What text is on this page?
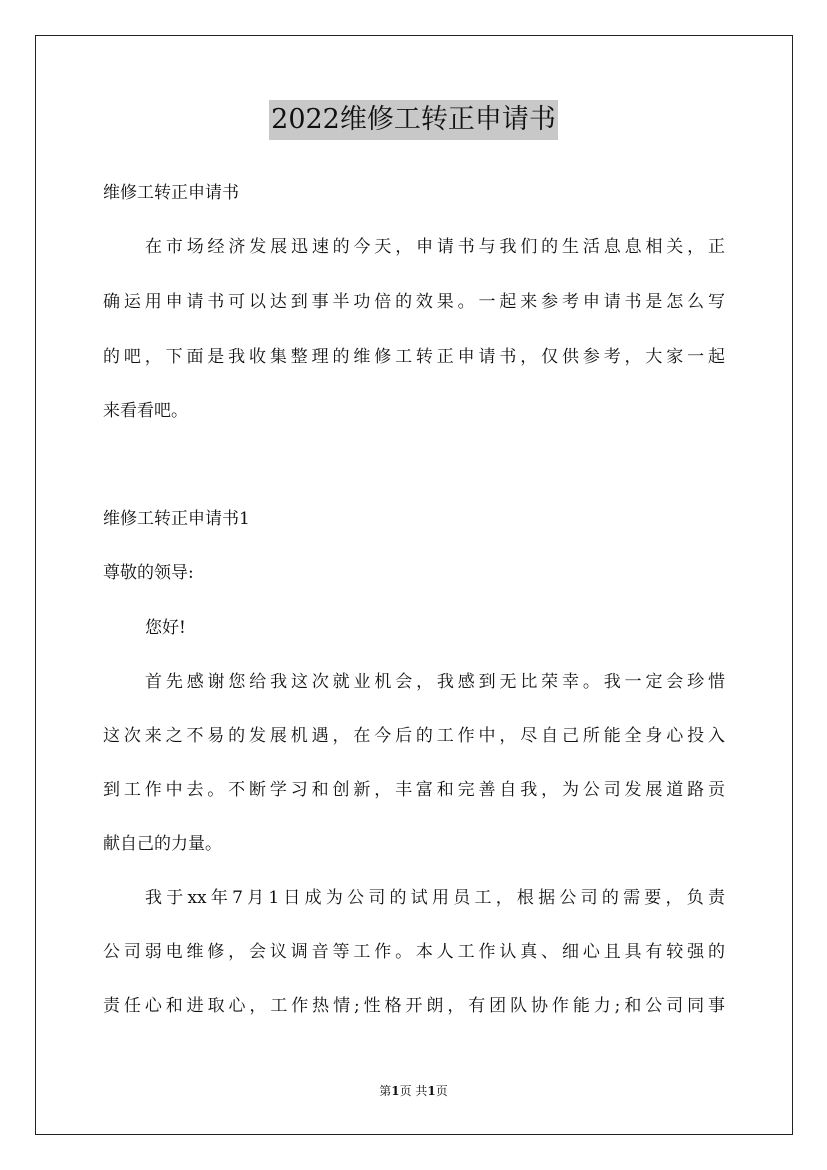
2022维修工转正申请书
维修工转正申请书
在市场经济发展迅速的今天，申请书与我们的生活息息相关，正
确运用申请书可以达到事半功倍的效果。一起来参考申请书是怎么写
的吧，下面是我收集整理的维修工转正申请书，仅供参考，大家一起
来看看吧。
维修工转正申请书1
尊敬的领导:
您好!
首先感谢您给我这次就业机会，我感到无比荣幸。我一定会珍惜
这次来之不易的发展机遇，在今后的工作中，尽自己所能全身心投入
到工作中去。不断学习和创新，丰富和完善自我，为公司发展道路贡
献自己的力量。
我于xx年7月1日成为公司的试用员工，根据公司的需要，负责
公司弱电维修，会议调音等工作。本人工作认真、细心且具有较强的
责任心和进取心，工作热情;性格开朗，有团队协作能力;和公司同事
第1页 共1页
